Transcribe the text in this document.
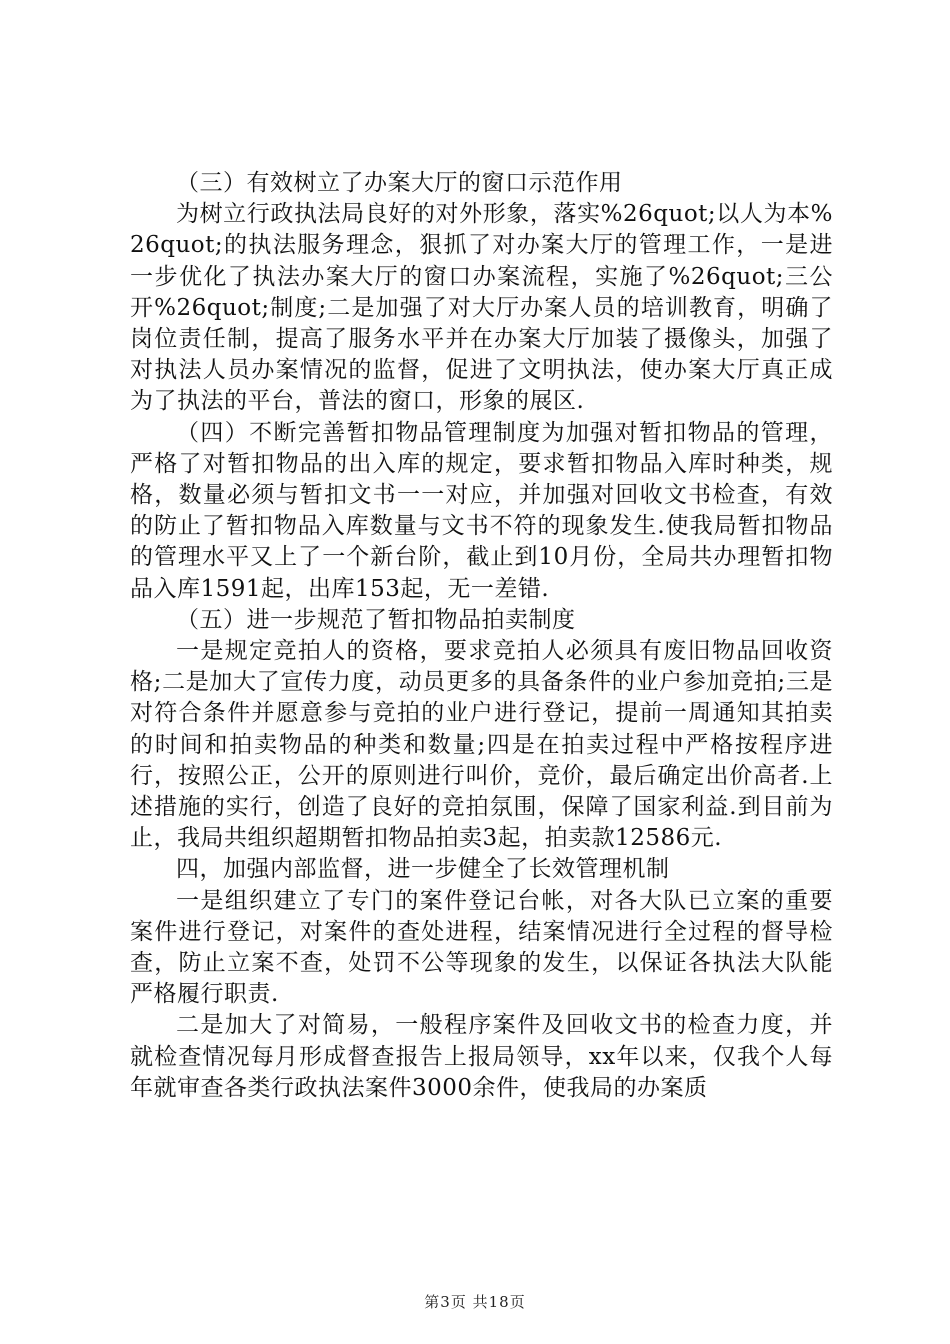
（三）有效树立了办案大厅的窗口示范作用

为树立行政执法局良好的对外形象，落实%26quot;以人为本%26quot;的执法服务理念，狠抓了对办案大厅的管理工作，一是进一步优化了执法办案大厅的窗口办案流程，实施了%26quot;三公开%26quot;制度;二是加强了对大厅办案人员的培训教育，明确了岗位责任制，提高了服务水平并在办案大厅加装了摄像头，加强了对执法人员办案情况的监督，促进了文明执法，使办案大厅真正成为了执法的平台，普法的窗口，形象的展区.

（四）不断完善暂扣物品管理制度为加强对暂扣物品的管理，严格了对暂扣物品的出入库的规定，要求暂扣物品入库时种类，规格，数量必须与暂扣文书一一对应，并加强对回收文书检查，有效的防止了暂扣物品入库数量与文书不符的现象发生.使我局暂扣物品的管理水平又上了一个新台阶，截止到10月份，全局共办理暂扣物品入库1591起，出库153起，无一差错.

（五）进一步规范了暂扣物品拍卖制度

一是规定竞拍人的资格，要求竞拍人必须具有废旧物品回收资格;二是加大了宣传力度，动员更多的具备条件的业户参加竞拍;三是对符合条件并愿意参与竞拍的业户进行登记，提前一周通知其拍卖的时间和拍卖物品的种类和数量;四是在拍卖过程中严格按程序进行，按照公正，公开的原则进行叫价，竞价，最后确定出价高者.上述措施的实行，创造了良好的竞拍氛围，保障了国家利益.到目前为止，我局共组织超期暂扣物品拍卖3起，拍卖款12586元.

四，加强内部监督，进一步健全了长效管理机制

一是组织建立了专门的案件登记台帐，对各大队已立案的重要案件进行登记，对案件的查处进程，结案情况进行全过程的督导检查，防止立案不查，处罚不公等现象的发生，以保证各执法大队能严格履行职责.

二是加大了对简易，一般程序案件及回收文书的检查力度，并就检查情况每月形成督查报告上报局领导，xx年以来，仅我个人每年就审查各类行政执法案件3000余件，使我局的办案质

第3页 共18页
